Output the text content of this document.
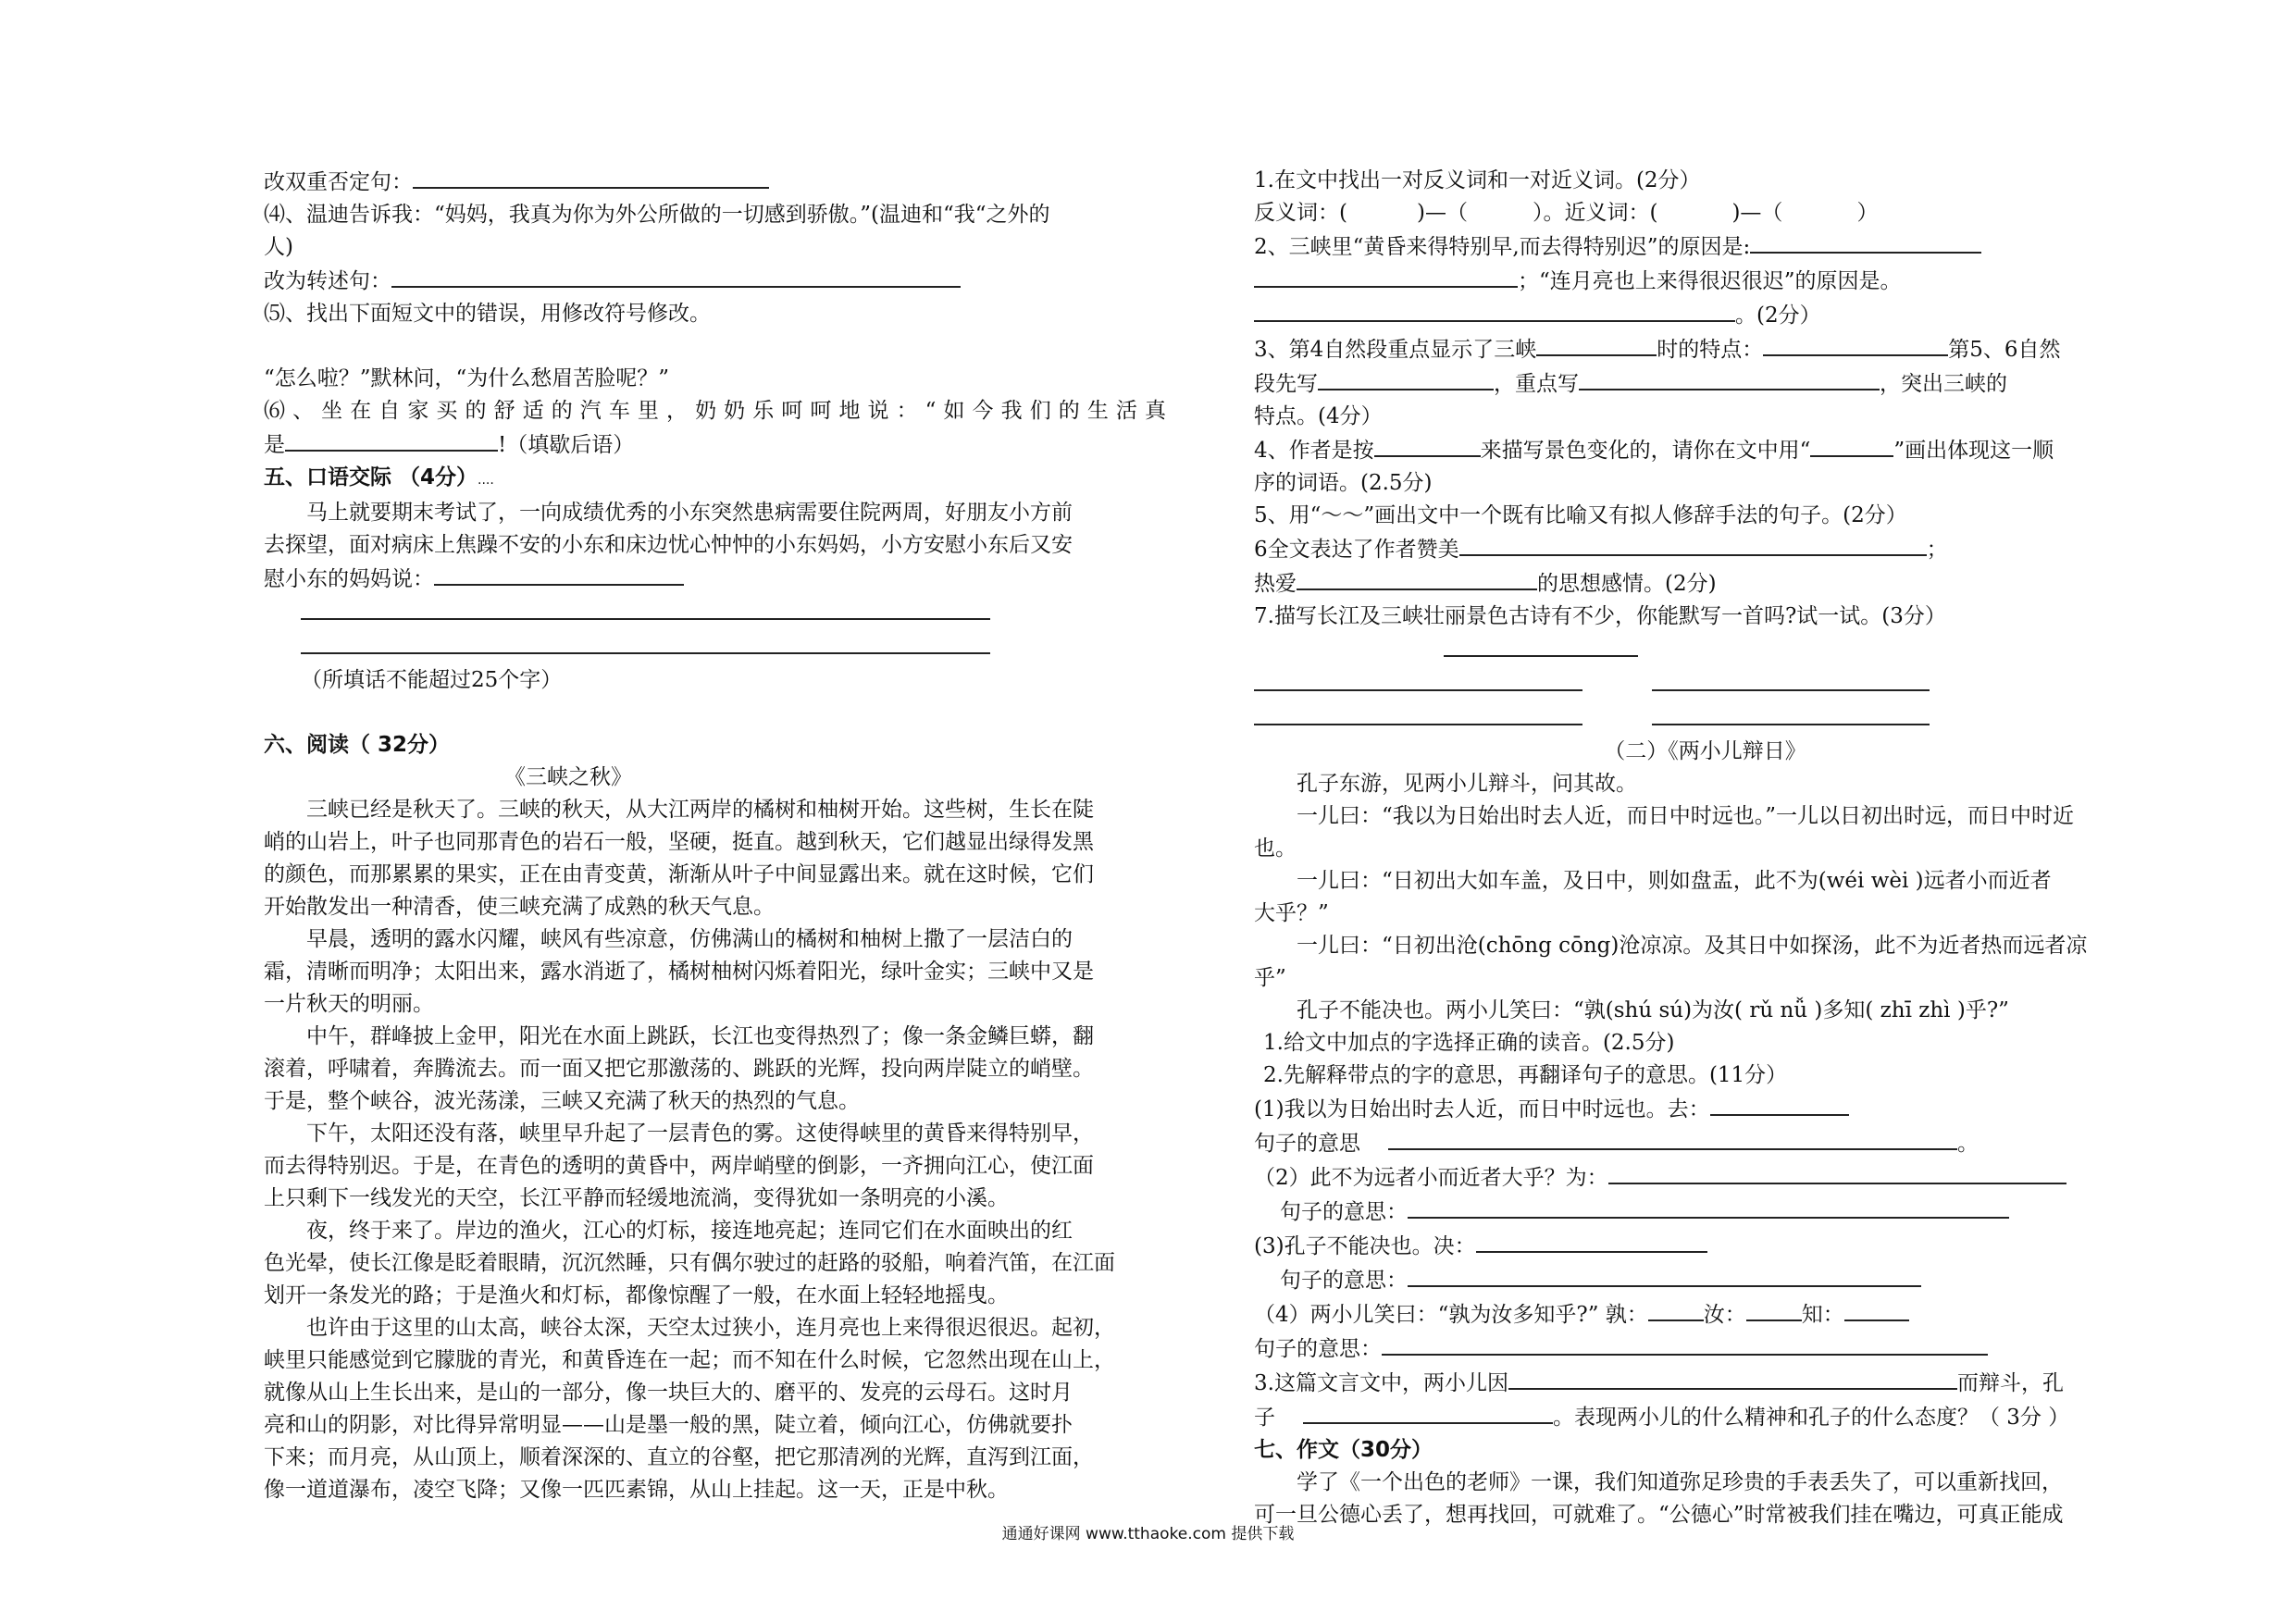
改双重否定句：
⑷、温迪告诉我：“妈妈，我真为你为外公所做的一切感到骄傲。”(温迪和“我“之外的
人)
改为转述句：
⑸、找出下面短文中的错误，用修改符号修改。
“怎么啦？”默林问，“为什么愁眉苦脸呢？”
⑹、坐在自家买的舒适的汽车里，奶奶乐呵呵地说：“如今我们的生活真
是	!（填歇后语）
五、口语交际 （4分）....
马上就要期末考试了，一向成绩优秀的小东突然患病需要住院两周，好朋友小方前
去探望，面对病床上焦躁不安的小东和床边忧心忡忡的小东妈妈，小方安慰小东后又安
慰小东的妈妈说：
（所填话不能超过25个字）
六、阅读（ 32分）
《三峡之秋》
三峡已经是秋天了。三峡的秋天，从大江两岸的橘树和柚树开始。这些树，生长在陡
峭的山岩上，叶子也同那青色的岩石一般，坚硬，挺直。越到秋天，它们越显出绿得发黑
的颜色，而那累累的果实，正在由青变黄，渐渐从叶子中间显露出来。就在这时候，它们
开始散发出一种清香，使三峡充满了成熟的秋天气息。
早晨，透明的露水闪耀，峡风有些凉意，仿佛满山的橘树和柚树上撒了一层洁白的
霜，清晰而明净；太阳出来，露水消逝了，橘树柚树闪烁着阳光，绿叶金实；三峡中又是
一片秋天的明丽。
中午，群峰披上金甲，阳光在水面上跳跃，长江也变得热烈了；像一条金鳞巨蟒，翻
滚着，呼啸着，奔腾流去。而一面又把它那激荡的、跳跃的光辉，投向两岸陡立的峭壁。
于是，整个峡谷，波光荡漾，三峡又充满了秋天的热烈的气息。
下午，太阳还没有落，峡里早升起了一层青色的雾。这使得峡里的黄昏来得特别早，
而去得特别迟。于是，在青色的透明的黄昏中，两岸峭壁的倒影，一齐拥向江心，使江面
上只剩下一线发光的天空，长江平静而轻缓地流淌，变得犹如一条明亮的小溪。
夜，终于来了。岸边的渔火，江心的灯标，接连地亮起；连同它们在水面映出的红
色光晕，使长江像是眨着眼睛，沉沉然睡，只有偶尔驶过的赶路的驳船，响着汽笛，在江面
划开一条发光的路；于是渔火和灯标，都像惊醒了一般，在水面上轻轻地摇曳。
也许由于这里的山太高，峡谷太深，天空太过狭小，连月亮也上来得很迟很迟。起初，
峡里只能感觉到它朦胧的青光，和黄昏连在一起；而不知在什么时候，它忽然出现在山上，
就像从山上生长出来，是山的一部分，像一块巨大的、磨平的、发亮的云母石。这时月
亮和山的阴影，对比得异常明显——山是墨一般的黑，陡立着，倾向江心，仿佛就要扑
下来；而月亮，从山顶上，顺着深深的、直立的谷壑，把它那清冽的光辉，直泻到江面，
像一道道瀑布，凌空飞降；又像一匹匹素锦，从山上挂起。这一天，正是中秋。
1.在文中找出一对反义词和一对近义词。(2分）
反义词：(	)—（	）。近义词：(	)—（	）
2、三峡里“黄昏来得特别早,而去得特别迟”的原因是:
；“连月亮也上来得很迟很迟”的原因是。
。(2分）
3、第4自然段重点显示了三峡	时的特点：	第5、6自然
段先写	，重点写	，突出三峡的
特点。(4分）
4、作者是按	来描写景色变化的，请你在文中用“	”画出体现这一顺
序的词语。(2.5分)
5、用“～～”画出文中一个既有比喻又有拟人修辞手法的句子。(2分）
6全文表达了作者赞美	；
热爱	的思想感情。(2分)
7.描写长江及三峡壮丽景色古诗有不少，你能默写一首吗?试一试。(3分）
（二）《两小儿辩日》
孔子东游，见两小儿辩斗，问其故。
一儿曰：“我以为日始出时去人近，而日中时远也。”一儿以日初出时远，而日中时近
也。
一儿曰：“日初出大如车盖，及日中，则如盘盂，此不为(wéi wèi )远者小而近者
大乎？”
一儿曰：“日初出沧(chōng cōng)沧凉凉。及其日中如探汤，此不为近者热而远者凉
乎”
孔子不能决也。两小儿笑曰：“孰(shú sú)为汝( rǔ nǚ )多知( zhī zhì )乎?”
1.给文中加点的字选择正确的读音。(2.5分)
2.先解释带点的字的意思，再翻译句子的意思。(11分）
(1)我以为日始出时去人近，而日中时远也。去：
句子的意思	。
（2）此不为远者小而近者大乎？为：
句子的意思：
(3)孔子不能决也。决：
句子的意思：
（4）两小儿笑曰：“孰为汝多知乎?” 孰：	汝：	知：
句子的意思：
3.这篇文言文中，两小儿因	而辩斗，孔
子	。表现两小儿的什么精神和孔子的什么态度？（ 3分 ）
七、作文（30分）
学了《一个出色的老师》一课，我们知道弥足珍贵的手表丢失了，可以重新找回，
可一旦公德心丢了，想再找回，可就难了。“公德心”时常被我们挂在嘴边，可真正能成
通通好课网 www.tthaoke.com 提供下载
